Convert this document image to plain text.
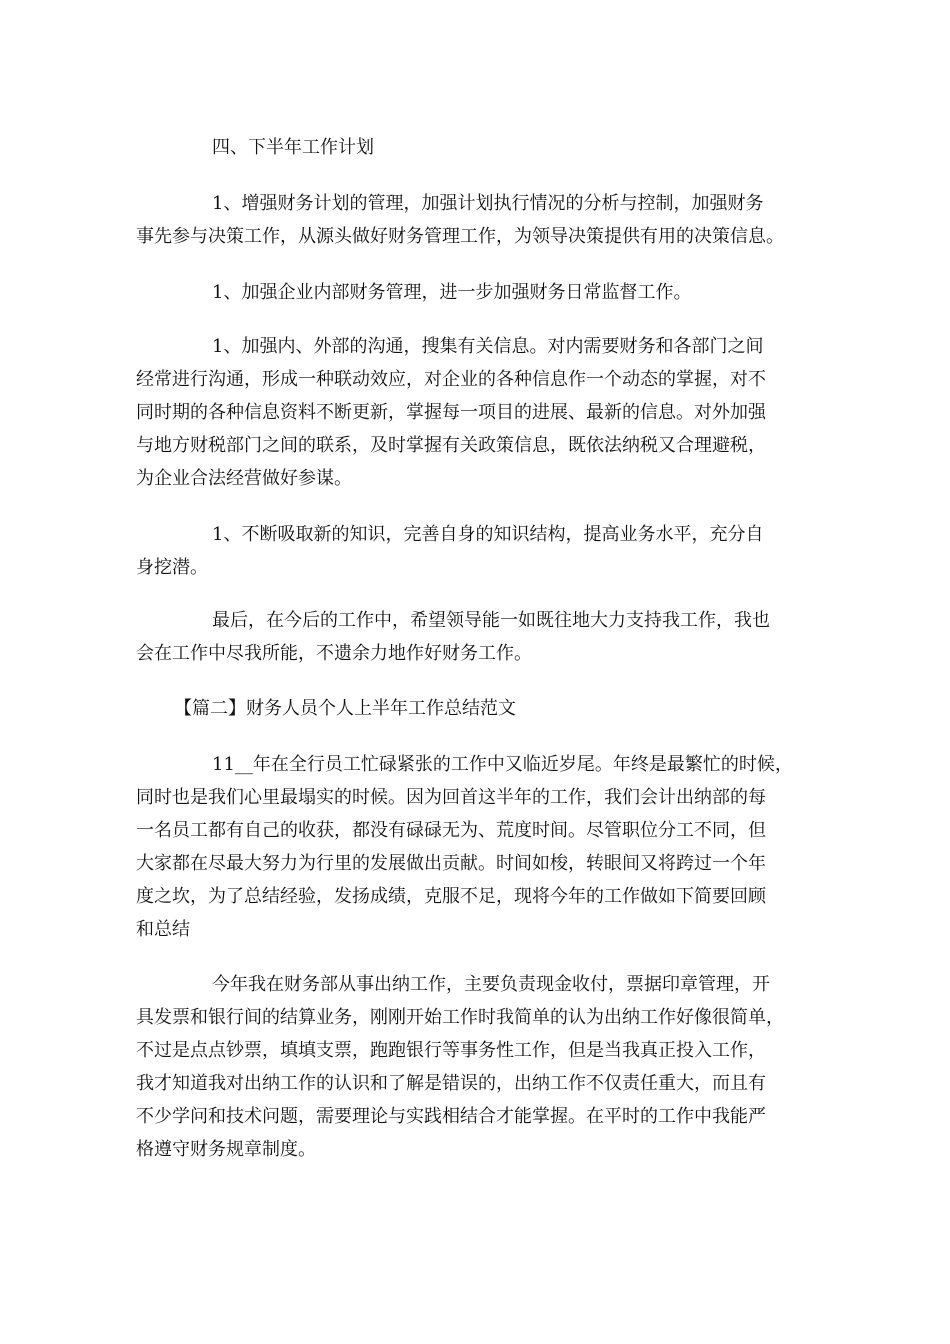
四、下半年工作计划
1、增强财务计划的管理，加强计划执行情况的分析与控制，加强财务
事先参与决策工作，从源头做好财务管理工作，为领导决策提供有用的决策信息。
1、加强企业内部财务管理，进一步加强财务日常监督工作。
1、加强内、外部的沟通，搜集有关信息。对内需要财务和各部门之间
经常进行沟通，形成一种联动效应，对企业的各种信息作一个动态的掌握，对不
同时期的各种信息资料不断更新，掌握每一项目的进展、最新的信息。对外加强
与地方财税部门之间的联系，及时掌握有关政策信息，既依法纳税又合理避税，
为企业合法经营做好参谋。
1、不断吸取新的知识，完善自身的知识结构，提高业务水平，充分自
身挖潜。
最后，在今后的工作中，希望领导能一如既往地大力支持我工作，我也
会在工作中尽我所能，不遗余力地作好财务工作。
【篇二】财务人员个人上半年工作总结范文
11__年在全行员工忙碌紧张的工作中又临近岁尾。年终是最繁忙的时候，
同时也是我们心里最塌实的时候。因为回首这半年的工作，我们会计出纳部的每
一名员工都有自己的收获，都没有碌碌无为、荒度时间。尽管职位分工不同，但
大家都在尽最大努力为行里的发展做出贡献。时间如梭，转眼间又将跨过一个年
度之坎，为了总结经验，发扬成绩，克服不足，现将今年的工作做如下简要回顾
和总结
今年我在财务部从事出纳工作，主要负责现金收付，票据印章管理，开
具发票和银行间的结算业务，刚刚开始工作时我简单的认为出纳工作好像很简单，
不过是点点钞票，填填支票，跑跑银行等事务性工作，但是当我真正投入工作，
我才知道我对出纳工作的认识和了解是错误的，出纳工作不仅责任重大，而且有
不少学问和技术问题，需要理论与实践相结合才能掌握。在平时的工作中我能严
格遵守财务规章制度。
